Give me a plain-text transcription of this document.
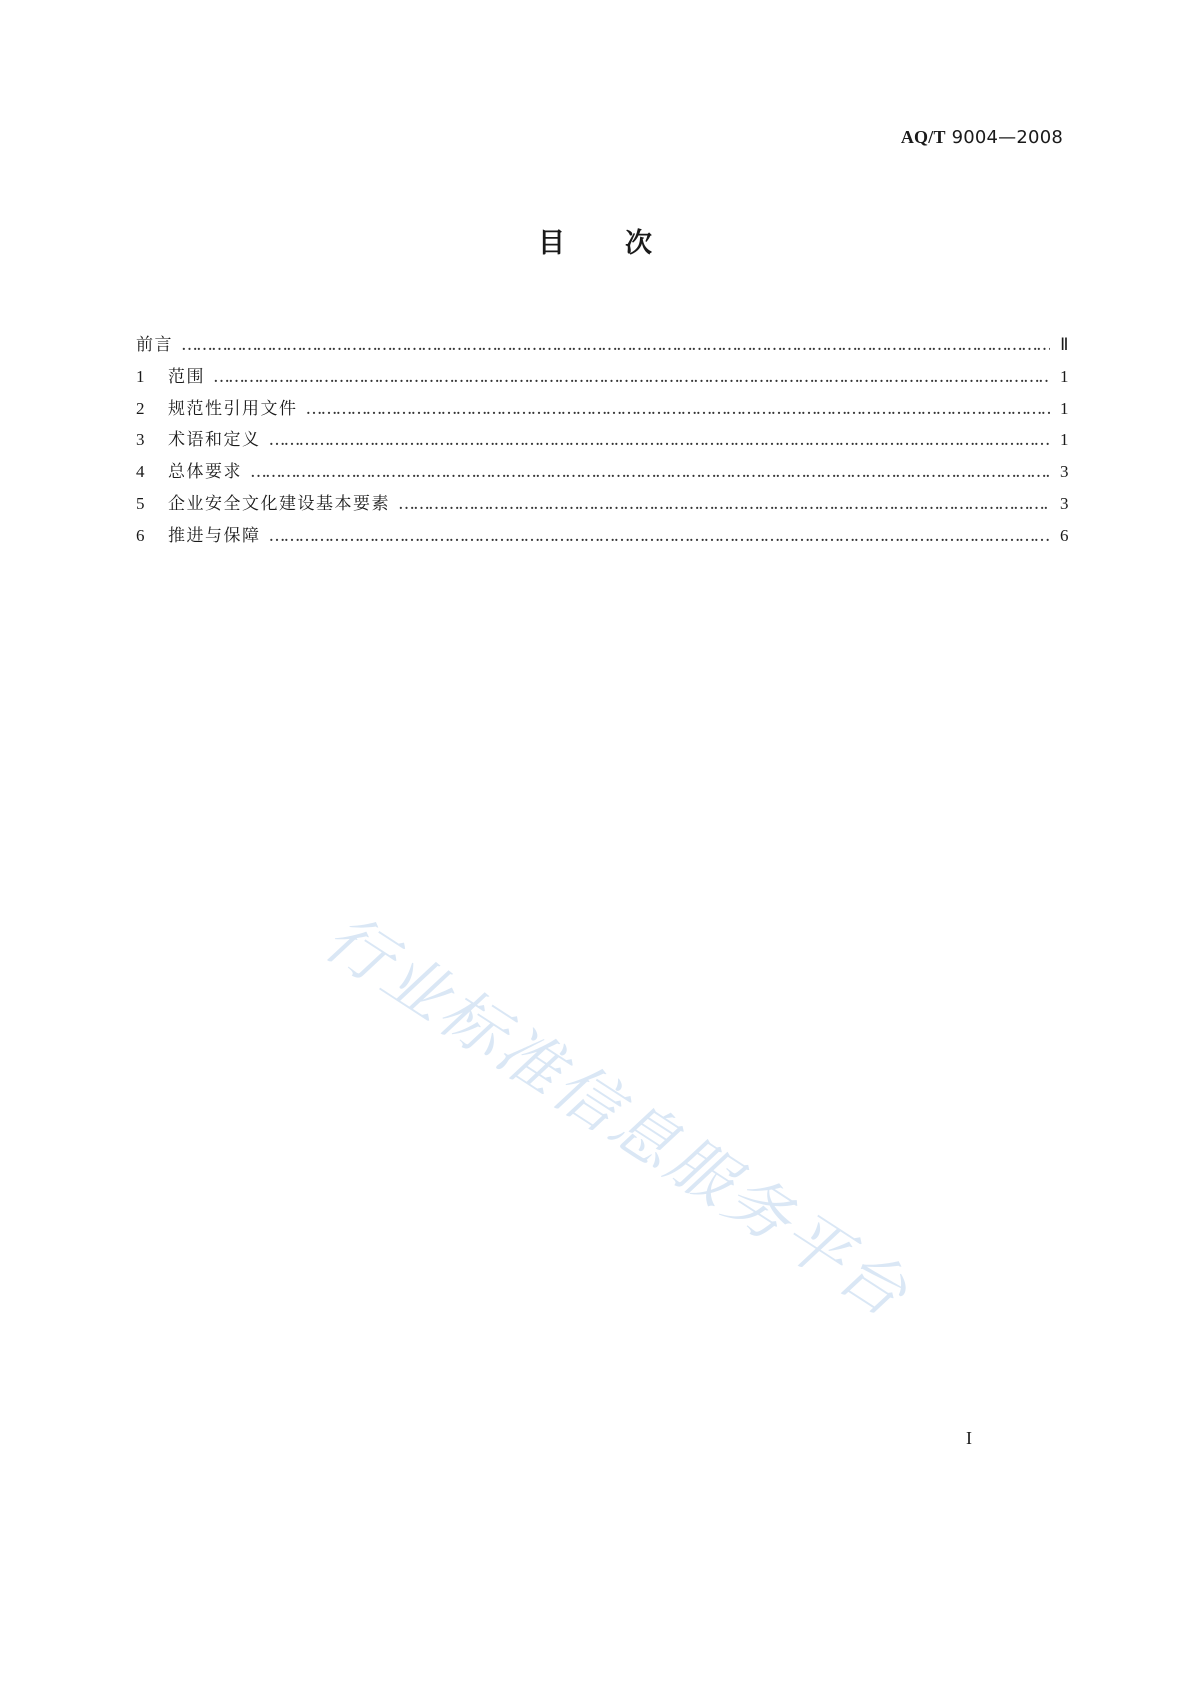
AQ/T 9004—2008
目次
前言 ……………………………………………………………………………………………………………………………………………………………………………………………………………	Ⅱ
1	范围 ……………………………………………………………………………………………………………………………………………………………………………………………………………	1
2	规范性引用文件 ……………………………………………………………………………………………………………………………………………………………………………………………………………	1
3	术语和定义 ……………………………………………………………………………………………………………………………………………………………………………………………………………	1
4	总体要求 ……………………………………………………………………………………………………………………………………………………………………………………………………………	3
5	企业安全文化建设基本要素 ……………………………………………………………………………………………………………………………………………………………………………………………………………	3
6	推进与保障 ……………………………………………………………………………………………………………………………………………………………………………………………………………	6
行业标准信息服务平台
I
